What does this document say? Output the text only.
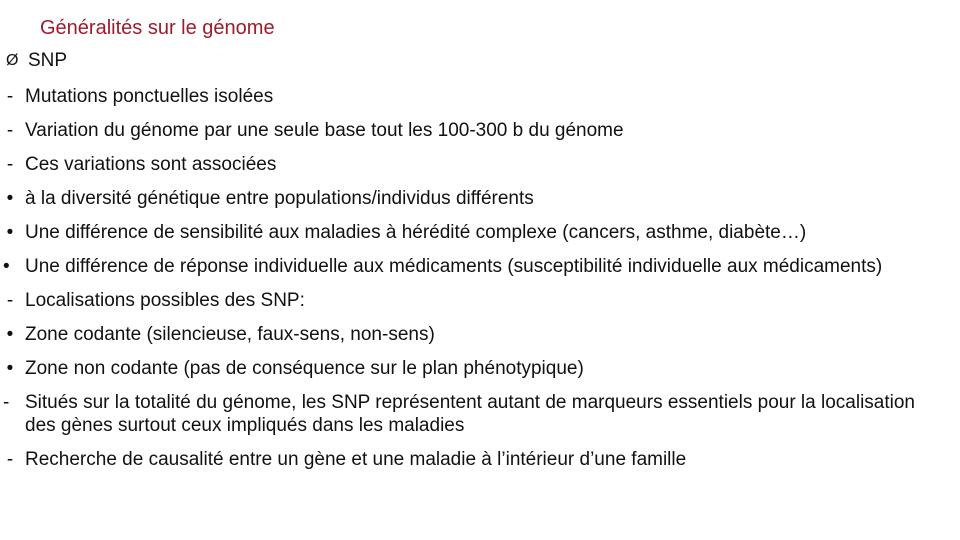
Généralités sur le génome
Ø SNP
- Mutations ponctuelles isolées
- Variation du génome par une seule base tout les 100-300 b du génome
- Ces variations sont associées
• à la diversité génétique entre populations/individus différents
• Une différence de sensibilité aux maladies à hérédité complexe (cancers, asthme, diabète…)
• Une différence de réponse individuelle aux médicaments (susceptibilité individuelle aux médicaments)
- Localisations possibles des SNP:
• Zone codante (silencieuse, faux-sens, non-sens)
• Zone non codante (pas de conséquence sur le plan phénotypique)
- Situés sur la totalité du génome, les SNP représentent autant de marqueurs essentiels pour la localisation des gènes surtout ceux impliqués dans les maladies
- Recherche de causalité entre un gène et une maladie à l’intérieur d’une famille
